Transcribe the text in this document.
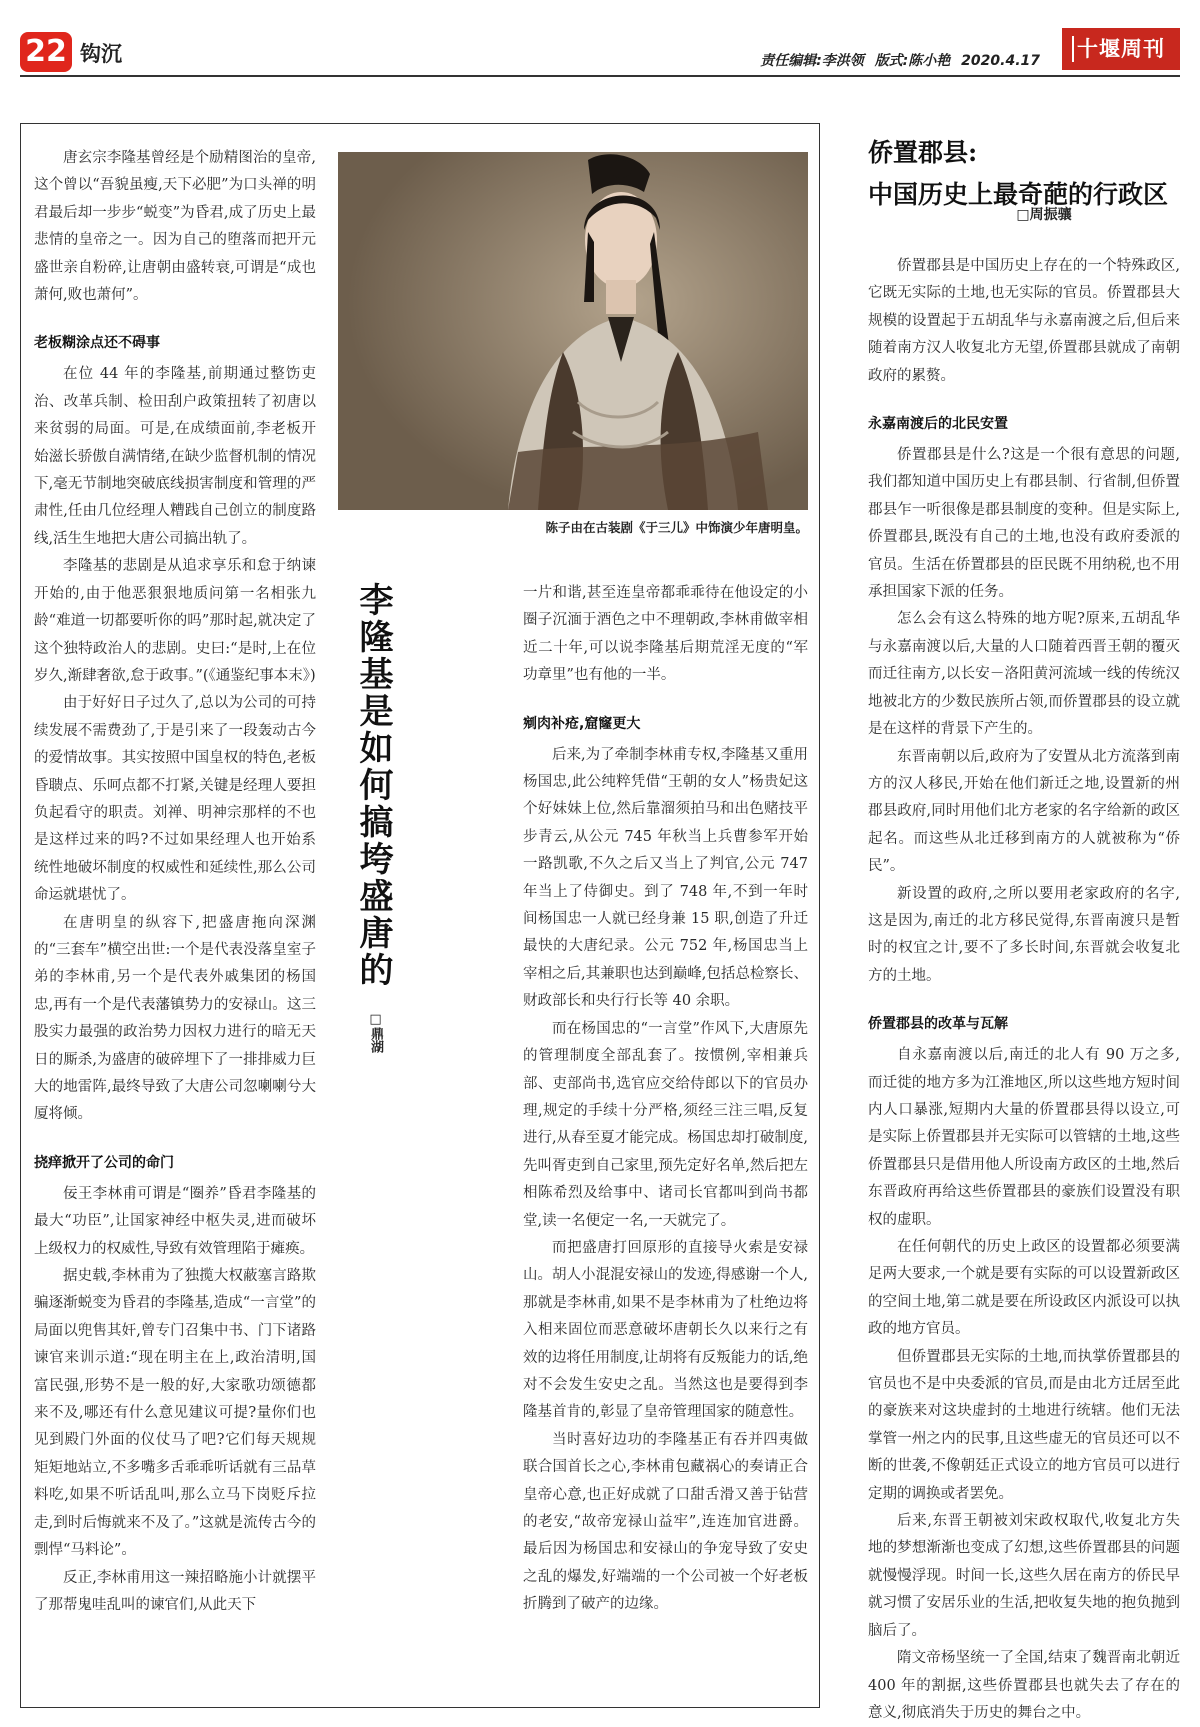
22 钩沉	责任编辑:李洪领 版式:陈小艳 2020.4.17	十堰周刊

唐玄宗李隆基曾经是个励精图治的皇帝,这个曾以“吾貌虽瘦,天下必肥”为口头禅的明君最后却一步步“蜕变”为昏君,成了历史上最悲情的皇帝之一。因为自己的堕落而把开元盛世亲自粉碎,让唐朝由盛转衰,可谓是“成也萧何,败也萧何”。

老板糊涂点还不碍事

在位 44 年的李隆基,前期通过整饬吏治、改革兵制、检田刮户政策扭转了初唐以来贫弱的局面。可是,在成绩面前,李老板开始滋长骄傲自满情绪,在缺少监督机制的情况下,毫无节制地突破底线损害制度和管理的严肃性,任由几位经理人糟践自己创立的制度路线,活生生地把大唐公司搞出轨了。

李隆基的悲剧是从追求享乐和怠于纳谏开始的,由于他恶狠狠地质问第一名相张九龄“难道一切都要听你的吗”那时起,就决定了这个独特政治人的悲剧。史曰:“是时,上在位岁久,渐肆奢欲,怠于政事。”(《通鉴纪事本末》)

由于好好日子过久了,总以为公司的可持续发展不需费劲了,于是引来了一段轰动古今的爱情故事。其实按照中国皇权的特色,老板昏聩点、乐呵点都不打紧,关键是经理人要担负起看守的职责。刘禅、明神宗那样的不也是这样过来的吗?不过如果经理人也开始系统性地破坏制度的权威性和延续性,那么公司命运就堪忧了。

在唐明皇的纵容下,把盛唐拖向深渊的“三套车”横空出世:一个是代表没落皇室子弟的李林甫,另一个是代表外戚集团的杨国忠,再有一个是代表藩镇势力的安禄山。这三股实力最强的政治势力因权力进行的暗无天日的厮杀,为盛唐的破碎埋下了一排排威力巨大的地雷阵,最终导致了大唐公司忽喇喇兮大厦将倾。

挠痒掀开了公司的命门

佞王李林甫可谓是“圈养”昏君李隆基的最大“功臣”,让国家神经中枢失灵,进而破坏上级权力的权威性,导致有效管理陷于瘫痪。

据史载,李林甫为了独揽大权蔽塞言路欺骗逐渐蜕变为昏君的李隆基,造成“一言堂”的局面以兜售其奸,曾专门召集中书、门下诸路谏官来训示道:“现在明主在上,政治清明,国富民强,形势不是一般的好,大家歌功颂德都来不及,哪还有什么意见建议可提?量你们也见到殿门外面的仪仗马了吧?它们每天规规矩矩地站立,不多嘴多舌乖乖听话就有三品草料吃,如果不听话乱叫,那么立马下岗贬斥拉走,到时后悔就来不及了。”这就是流传古今的剽悍“马料论”。

反正,李林甫用这一辣招略施小计就摆平了那帮鬼哇乱叫的谏官们,从此天下

陈子由在古装剧《于三儿》中饰演少年唐明皇。
李隆基是如何搞垮盛唐的
□鼎湖

一片和谐,甚至连皇帝都乖乖待在他设定的小圈子沉湎于酒色之中不理朝政,李林甫做宰相近二十年,可以说李隆基后期荒淫无度的“军功章里”也有他的一半。

剜肉补疮,窟窿更大

后来,为了牵制李林甫专权,李隆基又重用杨国忠,此公纯粹凭借“王朝的女人”杨贵妃这个好妹妹上位,然后靠溜须拍马和出色赌技平步青云,从公元 745 年秋当上兵曹参军开始一路凯歌,不久之后又当上了判官,公元 747 年当上了侍御史。到了 748 年,不到一年时间杨国忠一人就已经身兼 15 职,创造了升迁最快的大唐纪录。公元 752 年,杨国忠当上宰相之后,其兼职也达到巅峰,包括总检察长、财政部长和央行行长等 40 余职。

而在杨国忠的“一言堂”作风下,大唐原先的管理制度全部乱套了。按惯例,宰相兼兵部、吏部尚书,选官应交给侍郎以下的官员办理,规定的手续十分严格,须经三注三唱,反复进行,从春至夏才能完成。杨国忠却打破制度,先叫胥吏到自己家里,预先定好名单,然后把左相陈希烈及给事中、诸司长官都叫到尚书都堂,读一名便定一名,一天就完了。

而把盛唐打回原形的直接导火索是安禄山。胡人小混混安禄山的发迹,得感谢一个人,那就是李林甫,如果不是李林甫为了杜绝边将入相来固位而恶意破坏唐朝长久以来行之有效的边将任用制度,让胡将有反叛能力的话,绝对不会发生安史之乱。当然这也是要得到李隆基首肯的,彰显了皇帝管理国家的随意性。

当时喜好边功的李隆基正有吞并四夷做联合国首长之心,李林甫包藏祸心的奏请正合皇帝心意,也正好成就了口甜舌滑又善于钻营的老安,“故帝宠禄山益牢”,连连加官进爵。最后因为杨国忠和安禄山的争宠导致了安史之乱的爆发,好端端的一个公司被一个好老板折腾到了破产的边缘。

侨置郡县:
中国历史上最奇葩的行政区
□周振骧

侨置郡县是中国历史上存在的一个特殊政区,它既无实际的土地,也无实际的官员。侨置郡县大规模的设置起于五胡乱华与永嘉南渡之后,但后来随着南方汉人收复北方无望,侨置郡县就成了南朝政府的累赘。

永嘉南渡后的北民安置

侨置郡县是什么?这是一个很有意思的问题,我们都知道中国历史上有郡县制、行省制,但侨置郡县乍一听很像是郡县制度的变种。但是实际上,侨置郡县,既没有自己的土地,也没有政府委派的官员。生活在侨置郡县的臣民既不用纳税,也不用承担国家下派的任务。

怎么会有这么特殊的地方呢?原来,五胡乱华与永嘉南渡以后,大量的人口随着西晋王朝的覆灭而迁往南方,以长安－洛阳黄河流域一线的传统汉地被北方的少数民族所占领,而侨置郡县的设立就是在这样的背景下产生的。

东晋南朝以后,政府为了安置从北方流落到南方的汉人移民,开始在他们新迁之地,设置新的州郡县政府,同时用他们北方老家的名字给新的政区起名。而这些从北迁移到南方的人就被称为“侨民”。

新设置的政府,之所以要用老家政府的名字,这是因为,南迁的北方移民觉得,东晋南渡只是暂时的权宜之计,要不了多长时间,东晋就会收复北方的土地。

侨置郡县的改革与瓦解

自永嘉南渡以后,南迁的北人有 90 万之多,而迁徙的地方多为江淮地区,所以这些地方短时间内人口暴涨,短期内大量的侨置郡县得以设立,可是实际上侨置郡县并无实际可以管辖的土地,这些侨置郡县只是借用他人所设南方政区的土地,然后东晋政府再给这些侨置郡县的豪族们设置没有职权的虚职。

在任何朝代的历史上政区的设置都必须要满足两大要求,一个就是要有实际的可以设置新政区的空间土地,第二就是要在所设政区内派设可以执政的地方官员。

但侨置郡县无实际的土地,而执掌侨置郡县的官员也不是中央委派的官员,而是由北方迁居至此的豪族来对这块虚封的土地进行统辖。他们无法掌管一州之内的民事,且这些虚无的官员还可以不断的世袭,不像朝廷正式设立的地方官员可以进行定期的调换或者罢免。

后来,东晋王朝被刘宋政权取代,收复北方失地的梦想渐渐也变成了幻想,这些侨置郡县的问题就慢慢浮现。时间一长,这些久居在南方的侨民早就习惯了安居乐业的生活,把收复失地的抱负抛到脑后了。

隋文帝杨坚统一了全国,结束了魏晋南北朝近 400 年的割据,这些侨置郡县也就失去了存在的意义,彻底消失于历史的舞台之中。
